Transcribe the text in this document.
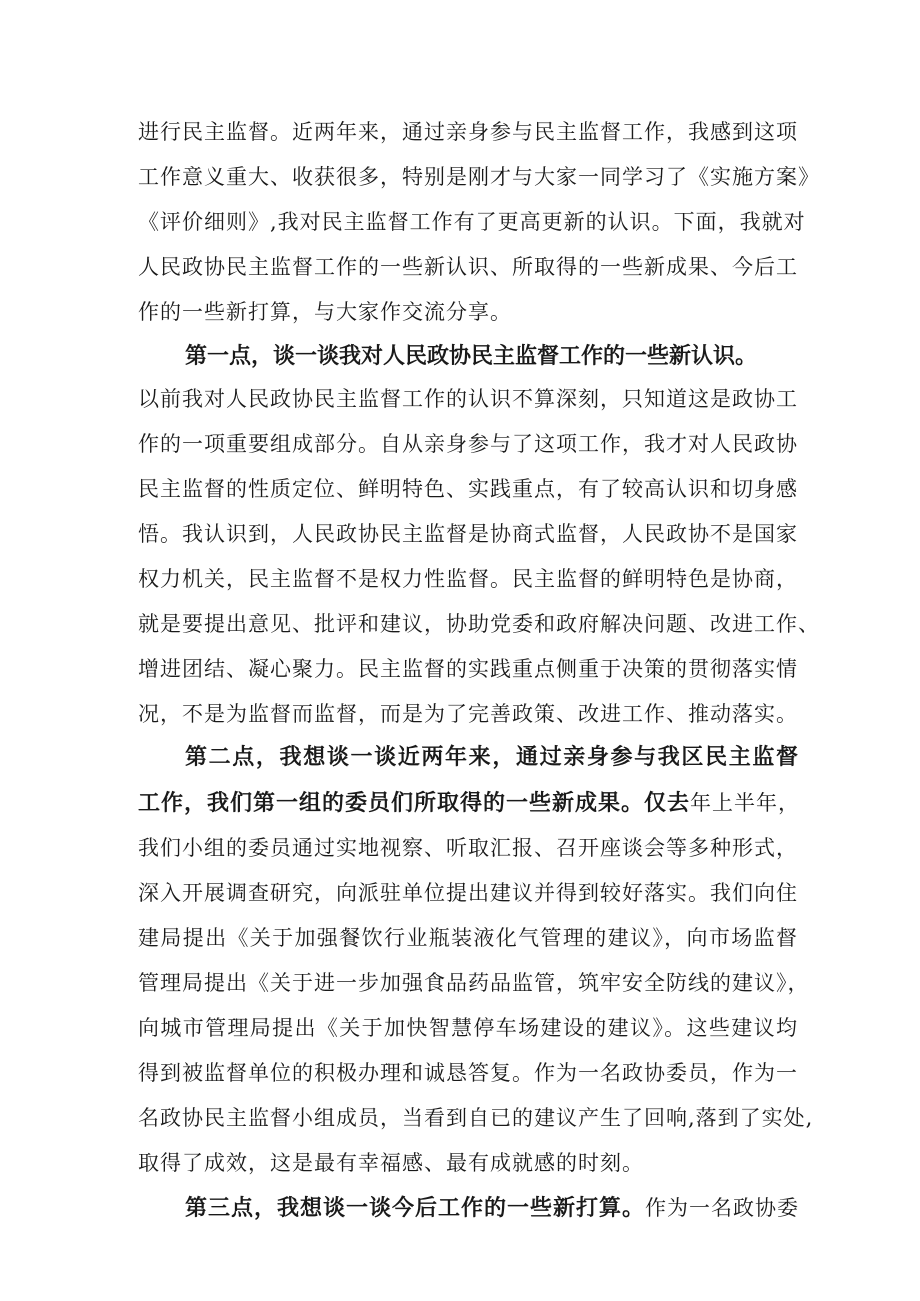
进行民主监督。近两年来，通过亲身参与民主监督工作，我感到这项
工作意义重大、收获很多，特别是刚才与大家一同学习了《实施方案》
《评价细则》,我对民主监督工作有了更高更新的认识。下面，我就对
人民政协民主监督工作的一些新认识、所取得的一些新成果、今后工
作的一些新打算，与大家作交流分享。
第一点，谈一谈我对人民政协民主监督工作的一些新认识。
以前我对人民政协民主监督工作的认识不算深刻，只知道这是政协工
作的一项重要组成部分。自从亲身参与了这项工作，我才对人民政协
民主监督的性质定位、鲜明特色、实践重点，有了较高认识和切身感
悟。我认识到，人民政协民主监督是协商式监督，人民政协不是国家
权力机关，民主监督不是权力性监督。民主监督的鲜明特色是协商，
就是要提出意见、批评和建议，协助党委和政府解决问题、改进工作、
增进团结、凝心聚力。民主监督的实践重点侧重于决策的贯彻落实情
况，不是为监督而监督，而是为了完善政策、改进工作、推动落实。
第二点，我想谈一谈近两年来，通过亲身参与我区民主监督
工作，我们第一组的委员们所取得的一些新成果。仅去年上半年，
我们小组的委员通过实地视察、听取汇报、召开座谈会等多种形式，
深入开展调查研究，向派驻单位提出建议并得到较好落实。我们向住
建局提出《关于加强餐饮行业瓶装液化气管理的建议》，向市场监督
管理局提出《关于进一步加强食品药品监管，筑牢安全防线的建议》，
向城市管理局提出《关于加快智慧停车场建设的建议》。这些建议均
得到被监督单位的积极办理和诚恳答复。作为一名政协委员，作为一
名政协民主监督小组成员，当看到自已的建议产生了回响,落到了实处,
取得了成效，这是最有幸福感、最有成就感的时刻。
第三点，我想谈一谈今后工作的一些新打算。作为一名政协委
